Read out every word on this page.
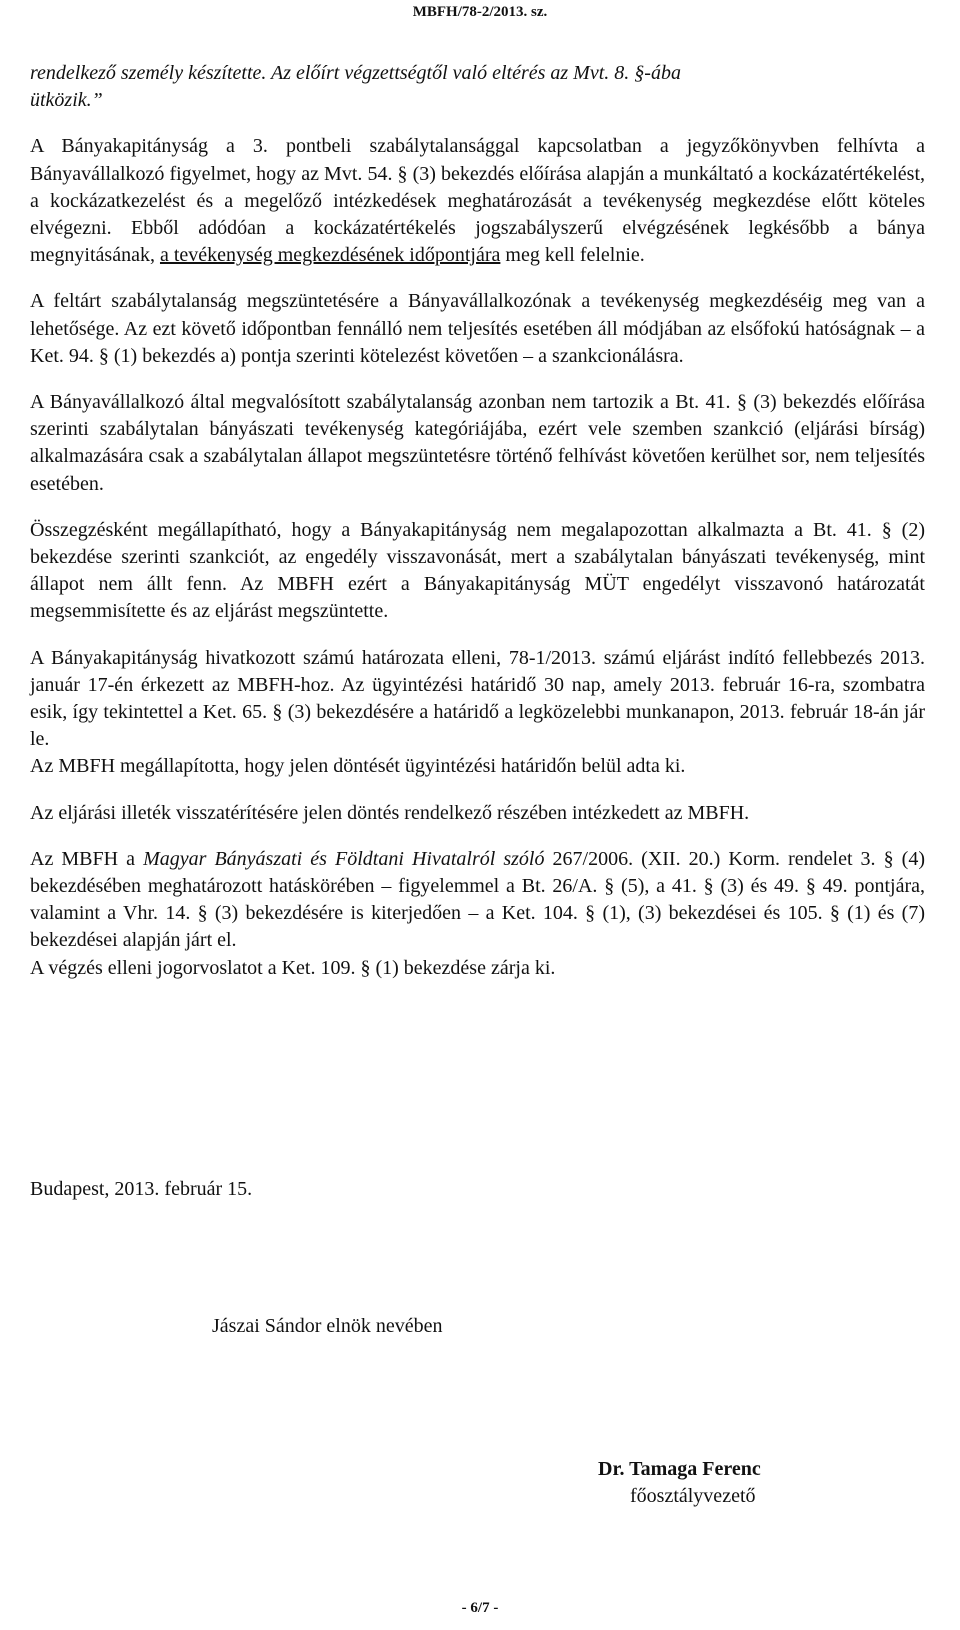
MBFH/78-2/2013. sz.

rendelkező személy készítette. Az előírt végzettségtől való eltérés az Mvt. 8. §-ába
ütközik.”

A Bányakapitányság a 3. pontbeli szabálytalansággal kapcsolatban a jegyzőkönyvben felhívta a Bányavállalkozó figyelmet, hogy az Mvt. 54. § (3) bekezdés előírása alapján a munkáltató a kockázatértékelést, a kockázatkezelést és a megelőző intézkedések meghatározását a tevékenység megkezdése előtt köteles elvégezni. Ebből adódóan a kockázatértékelés jogszabályszerű elvégzésének legkésőbb a bánya megnyitásának, a tevékenység megkezdésének időpontjára meg kell felelnie.

A feltárt szabálytalanság megszüntetésére a Bányavállalkozónak a tevékenység megkezdéséig meg van a lehetősége. Az ezt követő időpontban fennálló nem teljesítés esetében áll módjában az elsőfokú hatóságnak – a Ket. 94. § (1) bekezdés a) pontja szerinti kötelezést követően – a szankcionálásra.

A Bányavállalkozó által megvalósított szabálytalanság azonban nem tartozik a Bt. 41. § (3) bekezdés előírása szerinti szabálytalan bányászati tevékenység kategóriájába, ezért vele szemben szankció (eljárási bírság) alkalmazására csak a szabálytalan állapot megszüntetésre történő felhívást követően kerülhet sor, nem teljesítés esetében.

Összegzésként megállapítható, hogy a Bányakapitányság nem megalapozottan alkalmazta a Bt. 41. § (2) bekezdése szerinti szankciót, az engedély visszavonását, mert a szabálytalan bányászati tevékenység, mint állapot nem állt fenn. Az MBFH ezért a Bányakapitányság MÜT engedélyt visszavonó határozatát megsemmisítette és az eljárást megszüntette.

A Bányakapitányság hivatkozott számú határozata elleni, 78-1/2013. számú eljárást indító fellebbezés 2013. január 17-én érkezett az MBFH-hoz. Az ügyintézési határidő 30 nap, amely 2013. február 16-ra, szombatra esik, így tekintettel a Ket. 65. § (3) bekezdésére a határidő a legközelebbi munkanapon, 2013. február 18-án jár le.

Az MBFH megállapította, hogy jelen döntését ügyintézési határidőn belül adta ki.

Az eljárási illeték visszatérítésére jelen döntés rendelkező részében intézkedett az MBFH.

Az MBFH a Magyar Bányászati és Földtani Hivatalról szóló 267/2006. (XII. 20.) Korm. rendelet 3. § (4) bekezdésében meghatározott hatáskörében – figyelemmel a Bt. 26/A. § (5), a 41. § (3) és 49. § 49. pontjára, valamint a Vhr. 14. § (3) bekezdésére is kiterjedően – a Ket. 104. § (1), (3) bekezdései és 105. § (1) és (7) bekezdései alapján járt el.

A végzés elleni jogorvoslatot a Ket. 109. § (1) bekezdése zárja ki.

Budapest, 2013. február 15.
Jászai Sándor elnök nevében
Dr. Tamaga Ferenc
főosztályvezető
- 6/7 -
